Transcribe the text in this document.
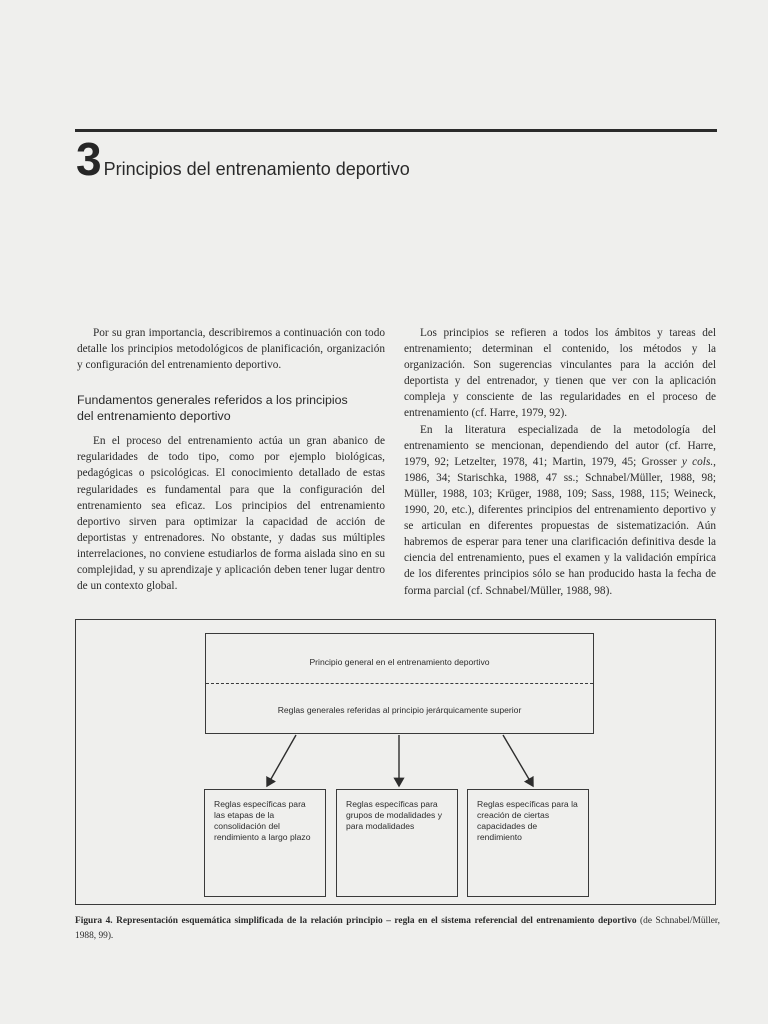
3 Principios del entrenamiento deportivo

Por su gran importancia, describiremos a continuación con todo detalle los principios metodológicos de planificación, organización y configuración del entrenamiento deportivo.

Fundamentos generales referidos a los principios
del entrenamiento deportivo

En el proceso del entrenamiento actúa un gran abanico de regularidades de todo tipo, como por ejemplo biológicas, pedagógicas o psicológicas. El conocimiento detallado de estas regularidades es fundamental para que la configuración del entrenamiento sea eficaz. Los principios del entrenamiento deportivo sirven para optimizar la capacidad de acción de deportistas y entrenadores. No obstante, y dadas sus múltiples interrelaciones, no conviene estudiarlos de forma aislada sino en su complejidad, y su aprendizaje y aplicación deben tener lugar dentro de un contexto global.

Los principios se refieren a todos los ámbitos y tareas del entrenamiento; determinan el contenido, los métodos y la organización. Son sugerencias vinculantes para la acción del deportista y del entrenador, y tienen que ver con la aplicación compleja y consciente de las regularidades en el proceso de entrenamiento (cf. Harre, 1979, 92).

En la literatura especializada de la metodología del entrenamiento se mencionan, dependiendo del autor (cf. Harre, 1979, 92; Letzelter, 1978, 41; Martin, 1979, 45; Grosser y cols., 1986, 34; Starischka, 1988, 47 ss.; Schnabel/Müller, 1988, 98; Müller, 1988, 103; Krüger, 1988, 109; Sass, 1988, 115; Weineck, 1990, 20, etc.), diferentes principios del entrenamiento deportivo y se articulan en diferentes propuestas de sistematización. Aún habremos de esperar para tener una clarificación definitiva desde la ciencia del entrenamiento, pues el examen y la validación empírica de los diferentes principios sólo se han producido hasta la fecha de forma parcial (cf. Schnabel/Müller, 1988, 98).

Principio general en el entrenamiento deportivo
Reglas generales referidas al principio jerárquicamente superior
Reglas específicas para las etapas de la consolidación del rendimiento a largo plazo
Reglas específicas para grupos de modalidades y para modalidades
Reglas específicas para la creación de ciertas capacidades de rendimiento
Figura 4. Representación esquemática simplificada de la relación principio – regla en el sistema referencial del entrenamiento deportivo (de Schnabel/Müller, 1988, 99).
